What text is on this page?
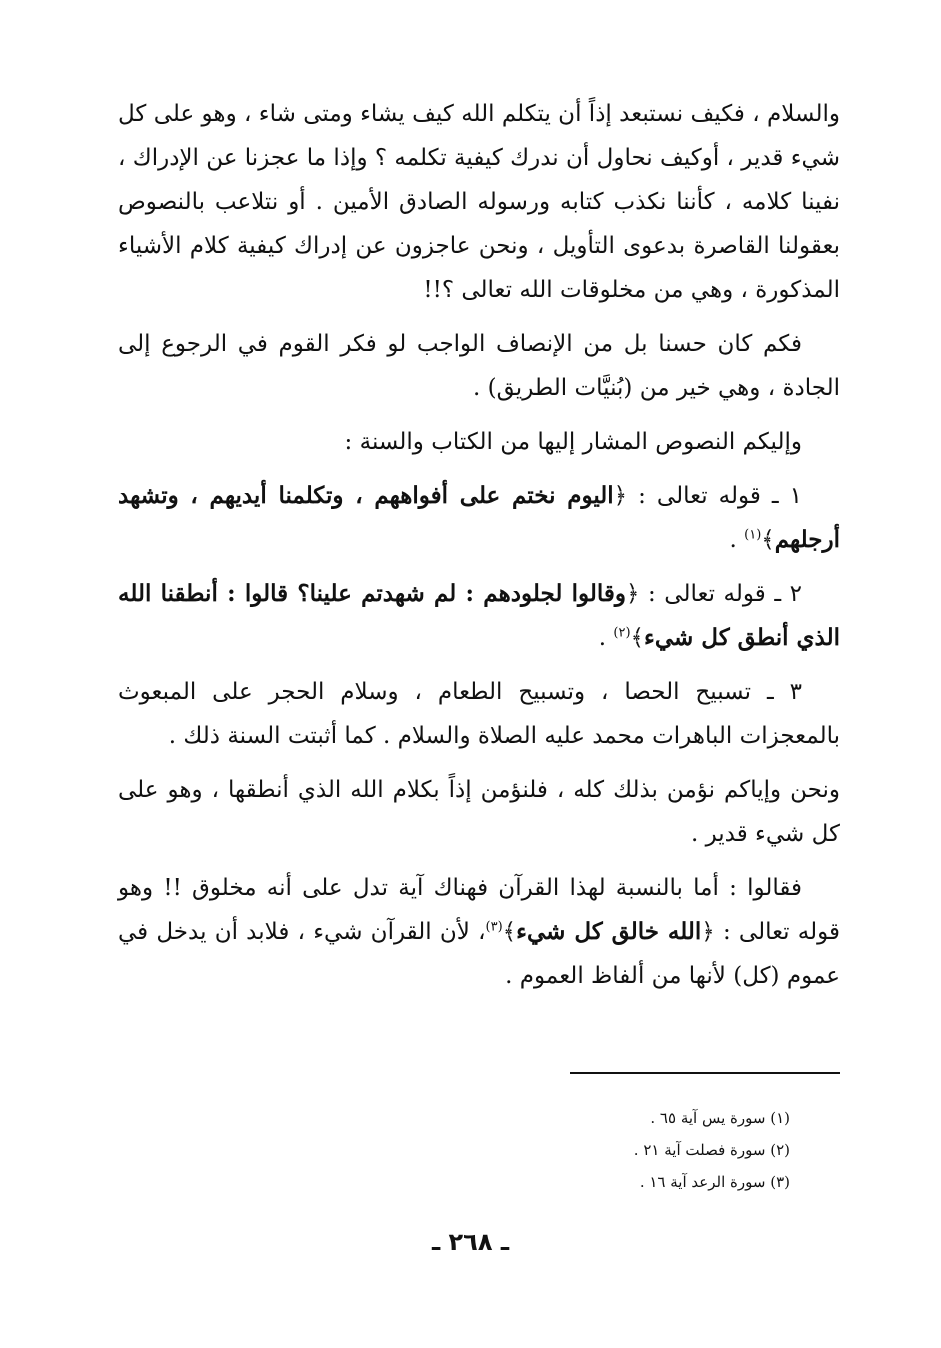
والسلام ، فكيف نستبعد إذاً أن يتكلم الله كيف يشاء ومتى شاء ، وهو على كل شيء قدير ، أوكيف نحاول أن ندرك كيفية تكلمه ؟ وإذا ما عجزنا عن الإدراك ، نفينا كلامه ، كأننا نكذب كتابه ورسوله الصادق الأمين . أو نتلاعب بالنصوص بعقولنا القاصرة بدعوى التأويل ، ونحن عاجزون عن إدراك كيفية كلام الأشياء المذكورة ، وهي من مخلوقات الله تعالى ؟!!

فكم كان حسنا بل من الإنصاف الواجب لو فكر القوم في الرجوع إلى الجادة ، وهي خير من (بُنيَّات الطريق) .

وإليكم النصوص المشار إليها من الكتاب والسنة :

١ ـ قوله تعالى : ﴿اليوم نختم على أفواههم ، وتكلمنا أيديهم ، وتشهد أرجلهم﴾$^{(١)}$ .

٢ ـ قوله تعالى : ﴿وقالوا لجلودهم : لم شهدتم علينا؟ قالوا : أنطقنا الله الذي أنطق كل شيء﴾$^{(٢)}$ .

٣ ـ تسبيح الحصا ، وتسبيح الطعام ، وسلام الحجر على المبعوث بالمعجزات الباهرات محمد عليه الصلاة والسلام . كما أثبتت السنة ذلك .

ونحن وإياكم نؤمن بذلك كله ، فلنؤمن إذاً بكلام الله الذي أنطقها ، وهو على كل شيء قدير .

فقالوا : أما بالنسبة لهذا القرآن فهناك آية تدل على أنه مخلوق !! وهو قوله تعالى : ﴿الله خالق كل شيء﴾$^{(٣)}$، لأن القرآن شيء ، فلابد أن يدخل في عموم (كل) لأنها من ألفاظ العموم .

(١) سورة يس آية ٦٥ .

(٢) سورة فصلت آية ٢١ .

(٣) سورة الرعد آية ١٦ .

ـ ٢٦٨ ـ
